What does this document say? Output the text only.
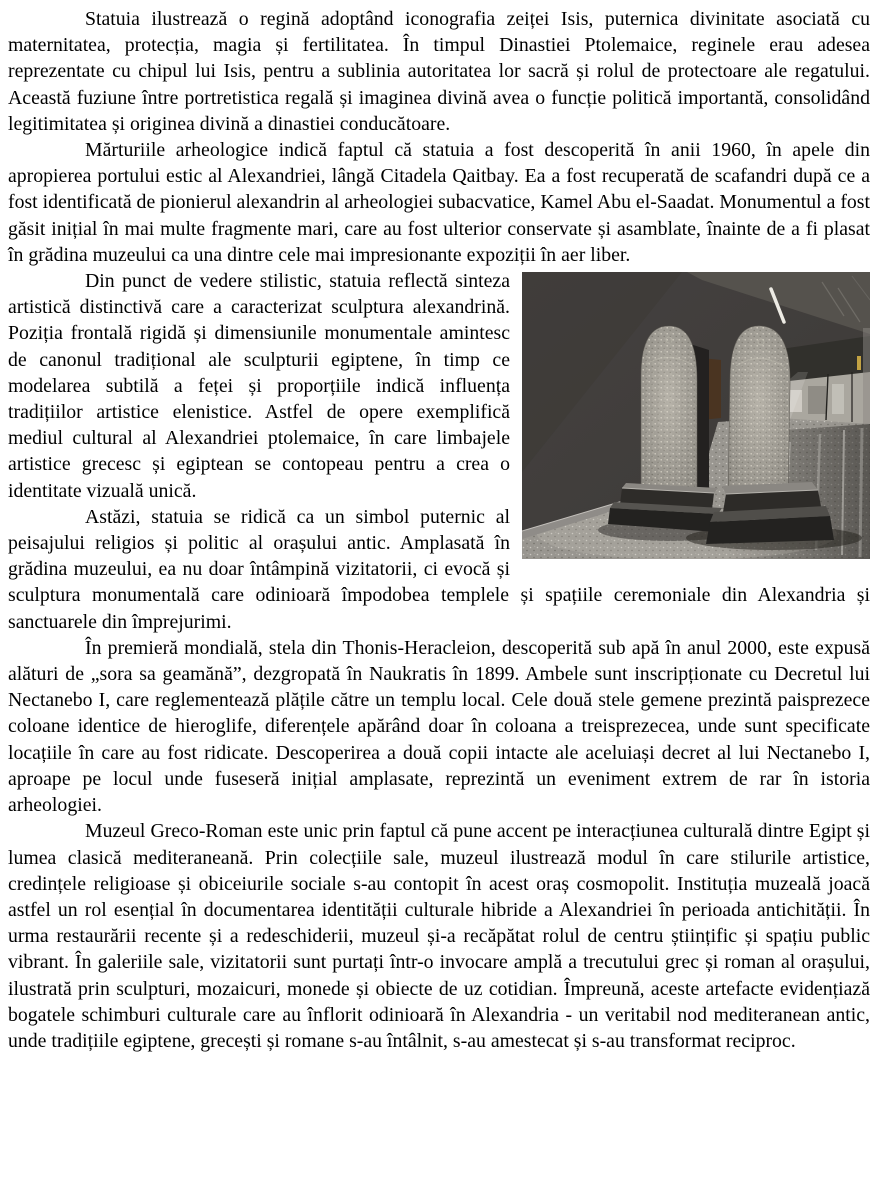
Statuia ilustrează o regină adoptând iconografia zeiței Isis, puternica divinitate asociată cu maternitatea, protecția, magia și fertilitatea. În timpul Dinastiei Ptolemaice, reginele erau adesea reprezentate cu chipul lui Isis, pentru a sublinia autoritatea lor sacră și rolul de protectoare ale regatului. Această fuziune între portretistica regală și imaginea divină avea o funcție politică importantă, consolidând legitimitatea și originea divină a dinastiei conducătoare.

Mărturiile arheologice indică faptul că statuia a fost descoperită în anii 1960, în apele din apropierea portului estic al Alexandriei, lângă Citadela Qaitbay. Ea a fost recuperată de scafandri după ce a fost identificată de pionierul alexandrin al arheologiei subacvatice, Kamel Abu el-Saadat. Monumentul a fost găsit inițial în mai multe fragmente mari, care au fost ulterior conservate și asamblate, înainte de a fi plasat în grădina muzeului ca una dintre cele mai impresionante expoziții în aer liber.

Din punct de vedere stilistic, statuia reflectă sinteza artistică distinctivă care a caracterizat sculptura alexandrină. Poziția frontală rigidă și dimensiunile monumentale amintesc de canonul tradițional ale sculpturii egiptene, în timp ce modelarea subtilă a feței și proporțiile indică influența tradițiilor artistice elenistice. Astfel de opere exemplifică mediul cultural al Alexandriei ptolemaice, în care limbajele artistice grecesc și egiptean se contopeau pentru a crea o identitate vizuală unică.

Astăzi, statuia se ridică ca un simbol puternic al peisajului religios și politic al orașului antic. Amplasată în grădina muzeului, ea nu doar întâmpină vizitatorii, ci evocă și sculptura monumentală care odinioară împodobea templele și spațiile ceremoniale din Alexandria și sanctuarele din împrejurimi.

În premieră mondială, stela din Thonis-Heracleion, descoperită sub apă în anul 2000, este expusă alături de „sora sa geamănă”, dezgropată în Naukratis în 1899. Ambele sunt inscripționate cu Decretul lui Nectanebo I, care reglementează plățile către un templu local. Cele două stele gemene prezintă paisprezece coloane identice de hieroglife, diferențele apărând doar în coloana a treisprezecea, unde sunt specificate locațiile în care au fost ridicate. Descoperirea a două copii intacte ale aceluiași decret al lui Nectanebo I, aproape pe locul unde fuseseră inițial amplasate, reprezintă un eveniment extrem de rar în istoria arheologiei.

Muzeul Greco-Roman este unic prin faptul că pune accent pe interacțiunea culturală dintre Egipt și lumea clasică mediteraneană. Prin colecțiile sale, muzeul ilustrează modul în care stilurile artistice, credințele religioase și obiceiurile sociale s-au contopit în acest oraș cosmopolit. Instituția muzeală joacă astfel un rol esențial în documentarea identității culturale hibride a Alexandriei în perioada antichității. În urma restaurării recente și a redeschiderii, muzeul și-a recăpătat rolul de centru științific și spațiu public vibrant. În galeriile sale, vizitatorii sunt purtați într-o invocare amplă a trecutului grec și roman al orașului, ilustrată prin sculpturi, mozaicuri, monede și obiecte de uz cotidian. Împreună, aceste artefacte evidențiază bogatele schimburi culturale care au înflorit odinioară în Alexandria - un veritabil nod mediteranean antic, unde tradițiile egiptene, grecești și romane s-au întâlnit, s-au amestecat și s-au transformat reciproc.
